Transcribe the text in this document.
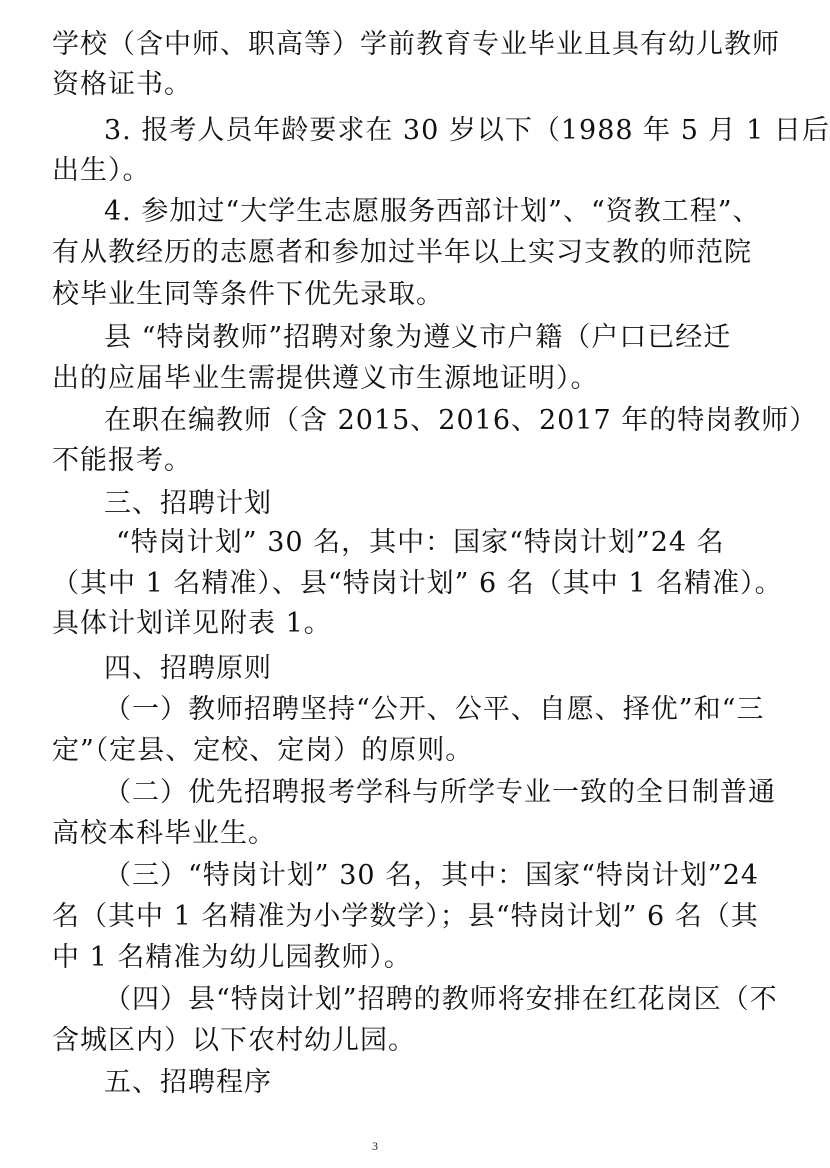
学校（含中师、职高等）学前教育专业毕业且具有幼儿教师
资格证书。
3. 报考人员年龄要求在 30 岁以下（1988 年 5 月 1 日后
出生）。
4. 参加过“大学生志愿服务西部计划”、“资教工程”、
有从教经历的志愿者和参加过半年以上实习支教的师范院
校毕业生同等条件下优先录取。
县 “特岗教师”招聘对象为遵义市户籍（户口已经迁
出的应届毕业生需提供遵义市生源地证明）。
在职在编教师（含 2015、2016、2017 年的特岗教师）
不能报考。
三、招聘计划
“特岗计划” 30 名，其中：国家“特岗计划”24 名
（其中 1 名精准）、县“特岗计划” 6 名（其中 1 名精准）。
具体计划详见附表 1。
四、招聘原则
（一）教师招聘坚持“公开、公平、自愿、择优”和“三
定”（定县、定校、定岗）的原则。
（二）优先招聘报考学科与所学专业一致的全日制普通
高校本科毕业生。
（三）“特岗计划” 30 名，其中：国家“特岗计划”24
名（其中 1 名精准为小学数学）；县“特岗计划” 6 名（其
中 1 名精准为幼儿园教师）。
（四）县“特岗计划”招聘的教师将安排在红花岗区（不
含城区内）以下农村幼儿园。
五、招聘程序
3
